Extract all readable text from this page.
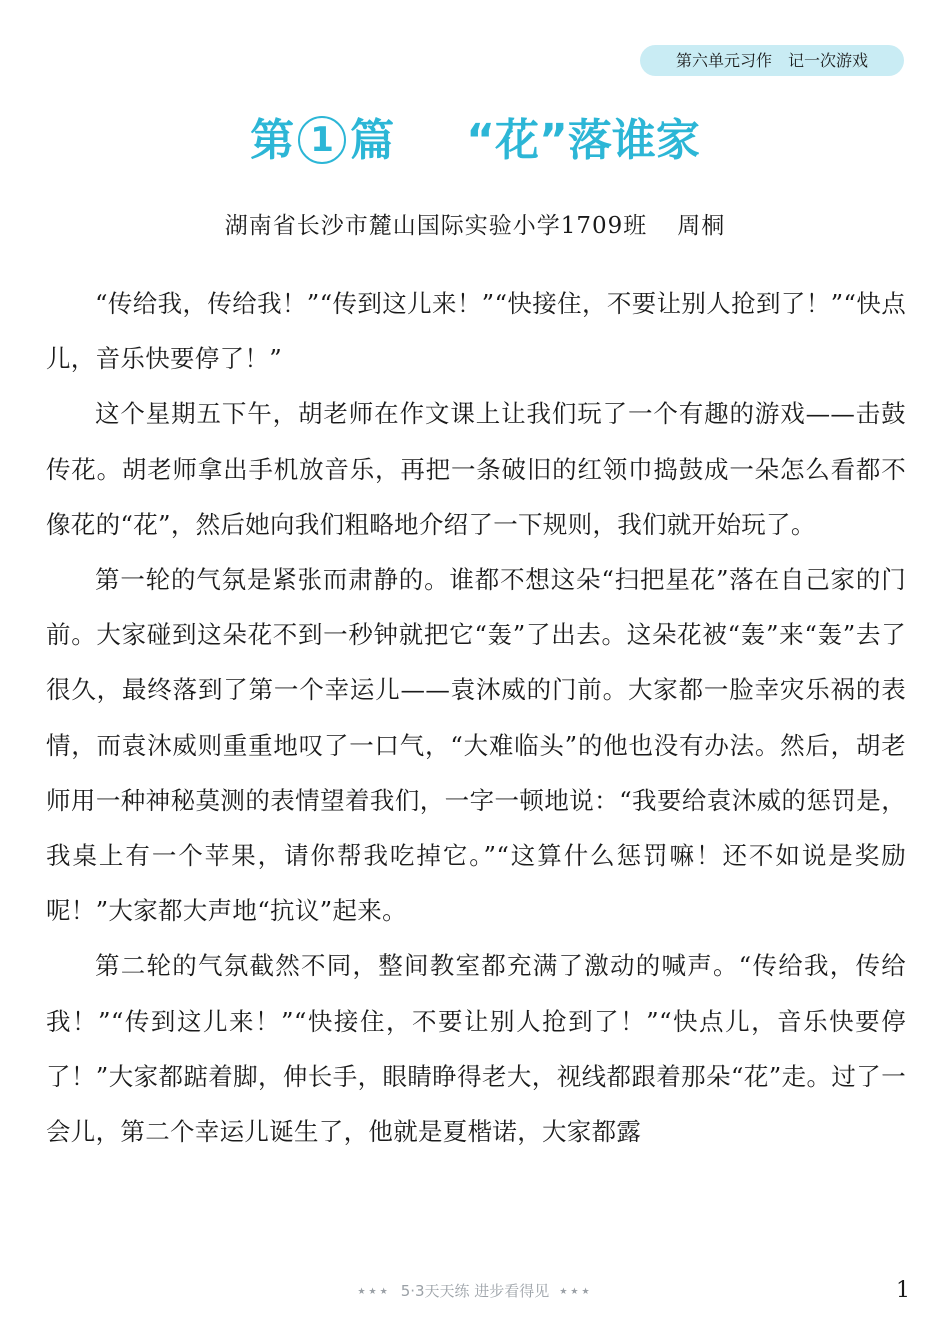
第六单元习作　记一次游戏
第 1 篇 “花”落谁家
湖南省长沙市麓山国际实验小学1709班 周桐

“传给我，传给我！”“传到这儿来！”“快接住，不要让别人抢到了！”“快点儿，音乐快要停了！”

这个星期五下午，胡老师在作文课上让我们玩了一个有趣的游戏——击鼓传花。胡老师拿出手机放音乐，再把一条破旧的红领巾捣鼓成一朵怎么看都不像花的“花”，然后她向我们粗略地介绍了一下规则，我们就开始玩了。

第一轮的气氛是紧张而肃静的。谁都不想这朵“扫把星花”落在自己家的门前。大家碰到这朵花不到一秒钟就把它“轰”了出去。这朵花被“轰”来“轰”去了很久，最终落到了第一个幸运儿——袁沐威的门前。大家都一脸幸灾乐祸的表情，而袁沐威则重重地叹了一口气，“大难临头”的他也没有办法。然后，胡老师用一种神秘莫测的表情望着我们，一字一顿地说：“我要给袁沐威的惩罚是，我桌上有一个苹果，请你帮我吃掉它。”“这算什么惩罚嘛！还不如说是奖励呢！”大家都大声地“抗议”起来。

第二轮的气氛截然不同，整间教室都充满了激动的喊声。“传给我，传给我！”“传到这儿来！”“快接住，不要让别人抢到了！”“快点儿，音乐快要停了！”大家都踮着脚，伸长手，眼睛睁得老大，视线都跟着那朵“花”走。过了一会儿，第二个幸运儿诞生了，他就是夏楷诺，大家都露

★★★ 5·3天天练 进步看得见 ★★★	1
